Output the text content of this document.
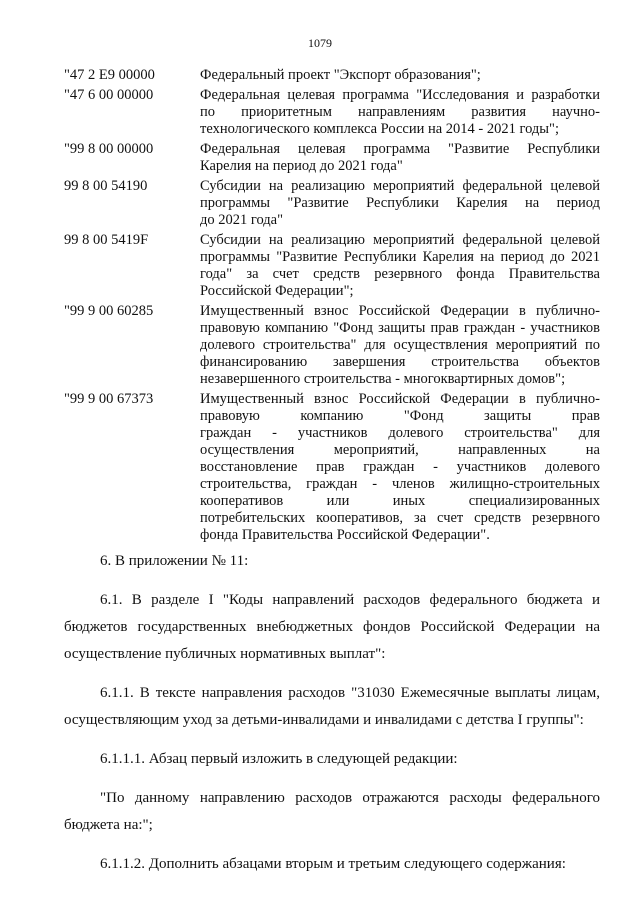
1079
"47 2 E9 00000	Федеральный проект "Экспорт образования";
"47 6 00 00000	Федеральная целевая программа "Исследования и разработки
по приоритетным направлениям развития научно-
технологического комплекса России на 2014 - 2021 годы";
"99 8 00 00000	Федеральная целевая программа "Развитие Республики
Карелия на период до 2021 года"
99 8 00 54190	Субсидии на реализацию мероприятий федеральной целевой
программы "Развитие Республики Карелия на период
до 2021 года"
99 8 00 5419F	Субсидии на реализацию мероприятий федеральной целевой
программы "Развитие Республики Карелия на период до 2021
года" за счет средств резервного фонда Правительства
Российской Федерации";
"99 9 00 60285	Имущественный взнос Российской Федерации в публично-
правовую компанию "Фонд защиты прав граждан - участников
долевого строительства" для осуществления мероприятий по
финансированию завершения строительства объектов
незавершенного строительства - многоквартирных домов";
"99 9 00 67373	Имущественный взнос Российской Федерации в публично-
правовую компанию "Фонд защиты прав
граждан - участников долевого строительства" для
осуществления мероприятий, направленных на
восстановление прав граждан - участников долевого
строительства, граждан - членов жилищно-строительных
кооперативов или иных специализированных
потребительских кооперативов, за счет средств резервного
фонда Правительства Российской Федерации".
6. В приложении № 11:
6.1. В разделе I "Коды направлений расходов федерального бюджета и
бюджетов государственных внебюджетных фондов Российской Федерации на
осуществление публичных нормативных выплат":
6.1.1. В тексте направления расходов "31030 Ежемесячные выплаты лицам,
осуществляющим уход за детьми-инвалидами и инвалидами с детства I группы":
6.1.1.1. Абзац первый изложить в следующей редакции:
"По данному направлению расходов отражаются расходы федерального
бюджета на:";
6.1.1.2. Дополнить абзацами вторым и третьим следующего содержания:
